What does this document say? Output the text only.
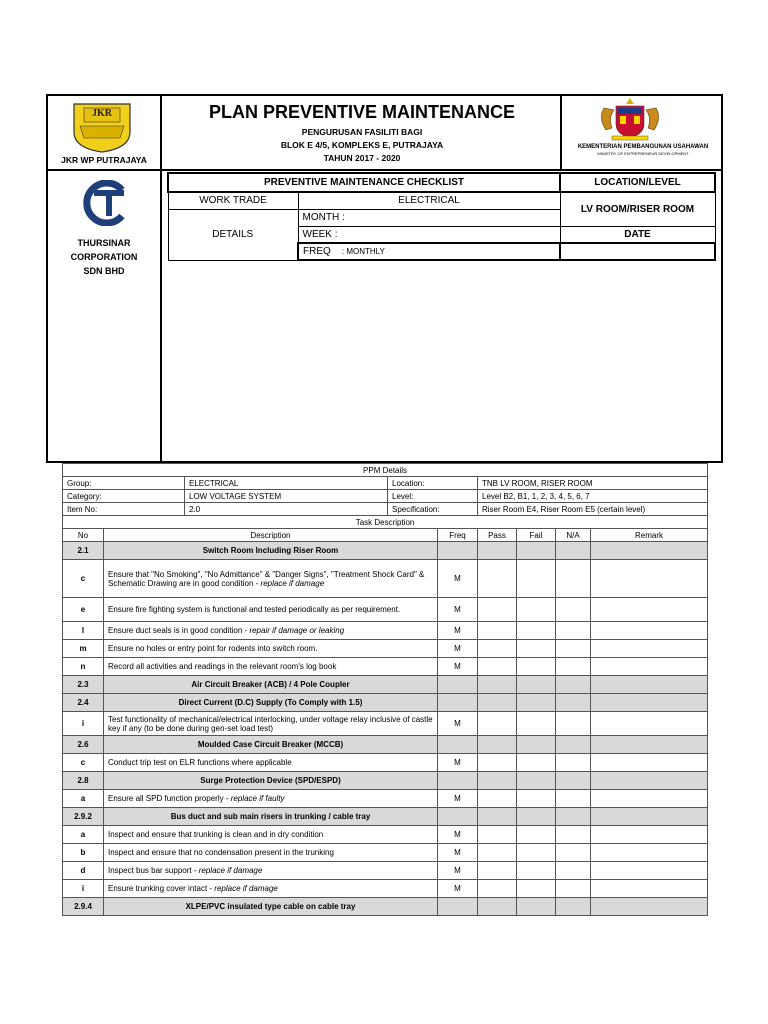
JKR
JKR WP PUTRAJAYA
PLAN PREVENTIVE MAINTENANCE
PENGURUSAN FASILITI BAGI
BLOK E 4/5, KOMPLEKS E, PUTRAJAYA
TAHUN 2017 - 2020
KEMENTERIAN PEMBANGUNAN USAHAWAN
MINISTRY OF ENTREPRENEUR DEVELOPMENT
THURSINAR
CORPORATION
SDN BHD
PREVENTIVE MAINTENANCE CHECKLIST		LOCATION/LEVEL
WORK TRADE	ELECTRICAL	LV ROOM/RISER ROOM
DETAILS	MONTH :	
	WEEK :	DATE
	FREQ : MONTHLY	
PPM Details								
Group:		ELECTRICAL	Location:		TNB LV ROOM, RISER ROOM			
Category:		LOW VOLTAGE SYSTEM	Level:		Level B2, B1, 1, 2, 3, 4, 5, 6, 7			
Item No:		2.0	Specification:		Riser Room E4, Riser Room E5 (certain level)			
Task Description								
No	Description			Freq	Pass	Fail	N/A	Remark
2.1	Switch Room Including Riser Room							
c	Ensure that "No Smoking", "No Admittance" & "Danger Signs", "Treatment Shock Card" & Schematic Drawing are in good condition - replace if damage			M				
e	Ensure fire fighting system is functional and tested periodically as per requirement.			M				
l	Ensure duct seals is in good condition - repair if damage or leaking			M				
m	Ensure no holes or entry point for rodents into switch room.			M				
n	Record all activities and readings in the relevant room's log book			M				
2.3	Air Circuit Breaker (ACB) / 4 Pole Coupler							
2.4	Direct Current (D.C) Supply (To Comply with 1.5)							
i	Test functionality of mechanical/electrical interlocking, under voltage relay inclusive of castle key if any (to be done during gen-set load test)			M				
2.6	Moulded Case Circuit Breaker (MCCB)							
c	Conduct trip test on ELR functions where applicable			M				
2.8	Surge Protection Device (SPD/ESPD)							
a	Ensure all SPD function properly - replace if faulty			M				
2.9.2	Bus duct and sub main risers in trunking / cable tray							
a	Inspect and ensure that trunking is clean and in dry condition			M				
b	Inspect and ensure that no condensation present in the trunking			M				
d	Inspect bus bar support - replace if damage			M				
i	Ensure trunking cover intact - replace if damage			M				
2.9.4	XLPE/PVC insulated type cable on cable tray							
